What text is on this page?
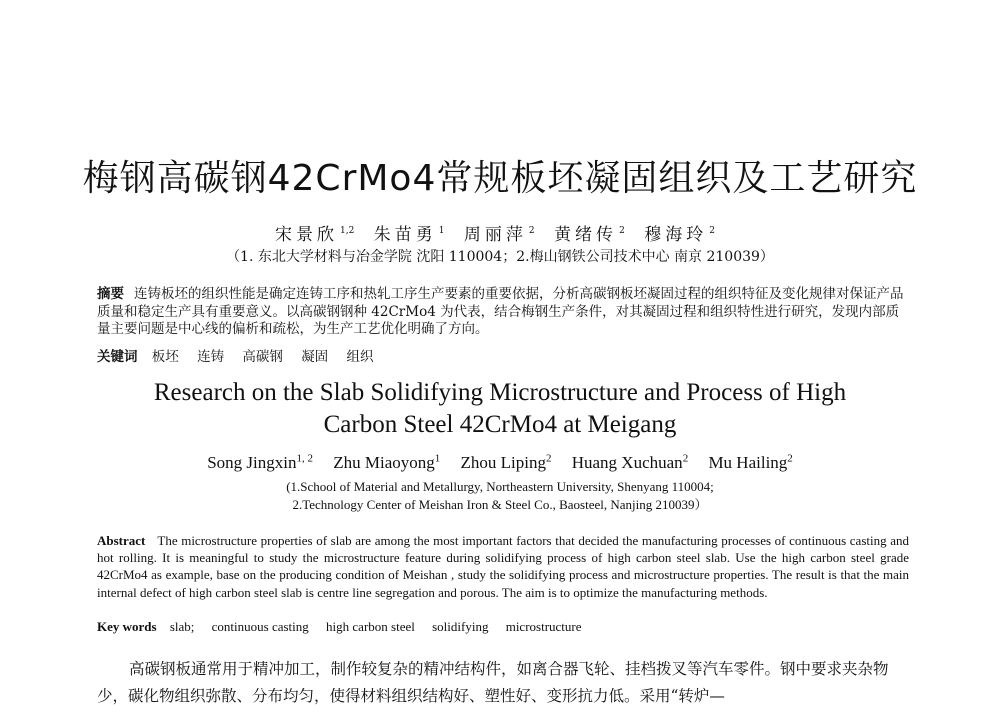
梅钢高碳钢42CrMo4常规板坯凝固组织及工艺研究
宋景欣 $^{1,2}$ 朱苗勇 $^1$ 周丽萍 $^2$ 黄绪传 $^2$ 穆海玲 $^2$
（1. 东北大学材料与冶金学院 沈阳 110004；2.梅山钢铁公司技术中心 南京 210039）
摘要 连铸板坯的组织性能是确定连铸工序和热轧工序生产要素的重要依据，分析高碳钢板坯凝固过程的组织特征及变化规律对保证产品质量和稳定生产具有重要意义。以高碳钢钢种 42CrMo4 为代表，结合梅钢生产条件，对其凝固过程和组织特性进行研究，发现内部质量主要问题是中心线的偏析和疏松，为生产工艺优化明确了方向。
关键词 板坯 连铸 高碳钢 凝固 组织
Research on the Slab Solidifying Microstructure and Process of High
Carbon Steel 42CrMo4 at Meigang
Song Jingxin$^{1, 2}$ Zhu Miaoyong$^1$ Zhou Liping$^2$ Huang Xuchuan$^2$ Mu Hailing$^2$
(1.School of Material and Metallurgy, Northeastern University, Shenyang 110004;
2.Technology Center of Meishan Iron & Steel Co., Baosteel, Nanjing 210039）
Abstract The microstructure properties of slab are among the most important factors that decided the manufacturing processes of continuous casting and hot rolling. It is meaningful to study the microstructure feature during solidifying process of high carbon steel slab. Use the high carbon steel grade 42CrMo4 as example, base on the producing condition of Meishan , study the solidifying process and microstructure properties. The result is that the main internal defect of high carbon steel slab is centre line segregation and porous. The aim is to optimize the manufacturing methods.
Key words slab; continuous casting high carbon steel solidifying microstructure
高碳钢板通常用于精冲加工，制作较复杂的精冲结构件，如离合器飞轮、挂档拨叉等汽车零件。钢中要求夹杂物少，碳化物组织弥散、分布均匀，使得材料组织结构好、塑性好、变形抗力低。采用“转炉—
